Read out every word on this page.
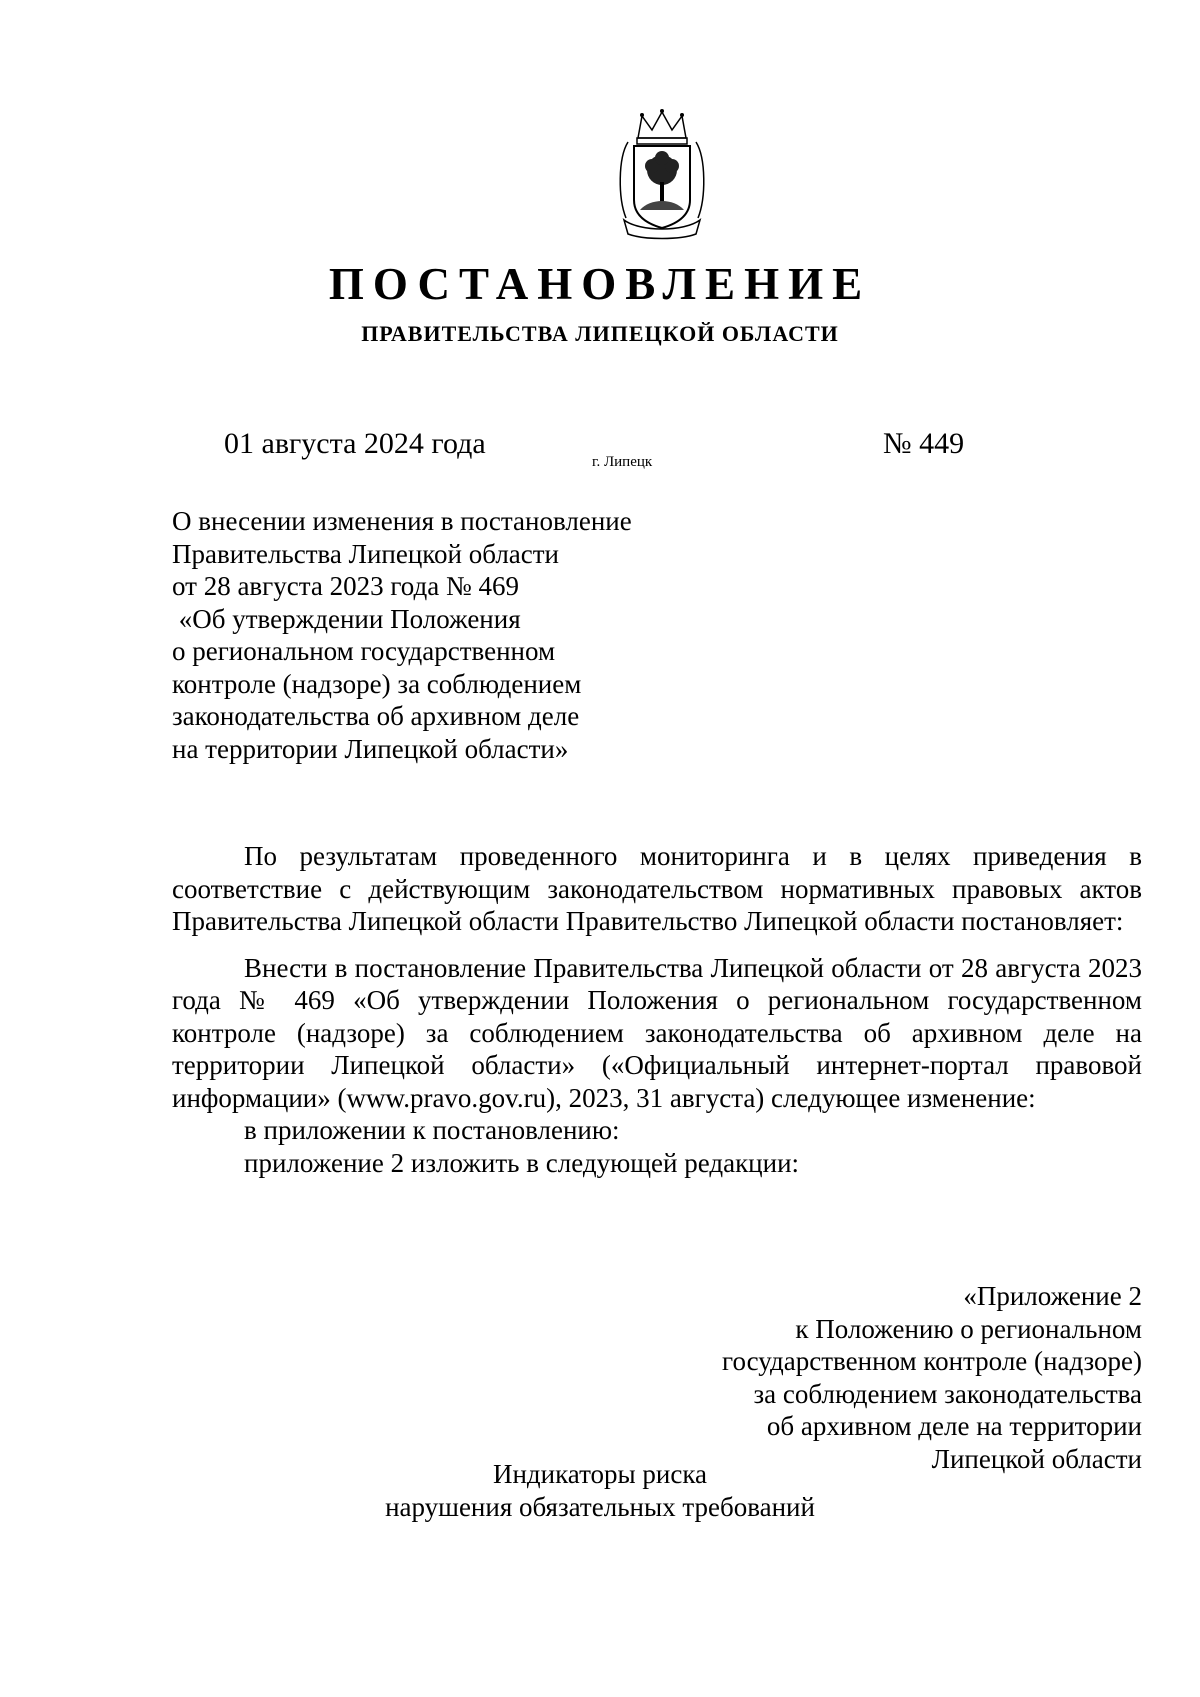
ПОСТАНОВЛЕНИЕ
ПРАВИТЕЛЬСТВА ЛИПЕЦКОЙ ОБЛАСТИ
01 августа 2024 года
г. Липецк
№ 449
О внесении изменения в постановление
Правительства Липецкой области
от 28 августа 2023 года № 469
«Об утверждении Положения
о региональном государственном
контроле (надзоре) за соблюдением
законодательства об архивном деле
на территории Липецкой области»

По результатам проведенного мониторинга и в целях приведения в соответствие с действующим законодательством нормативных правовых актов Правительства Липецкой области Правительство Липецкой области постановляет:

Внести в постановление Правительства Липецкой области от 28 августа 2023 года № 469 «Об утверждении Положения о региональном государственном контроле (надзоре) за соблюдением законодательства об архивном деле на территории Липецкой области» («Официальный интернет-портал правовой информации» (www.pravo.gov.ru), 2023, 31 августа) следующее изменение:

в приложении к постановлению:

приложение 2 изложить в следующей редакции:

«Приложение 2
к Положению о региональном
государственном контроле (надзоре)
за соблюдением законодательства
об архивном деле на территории
Липецкой области
Индикаторы риска
нарушения обязательных требований
